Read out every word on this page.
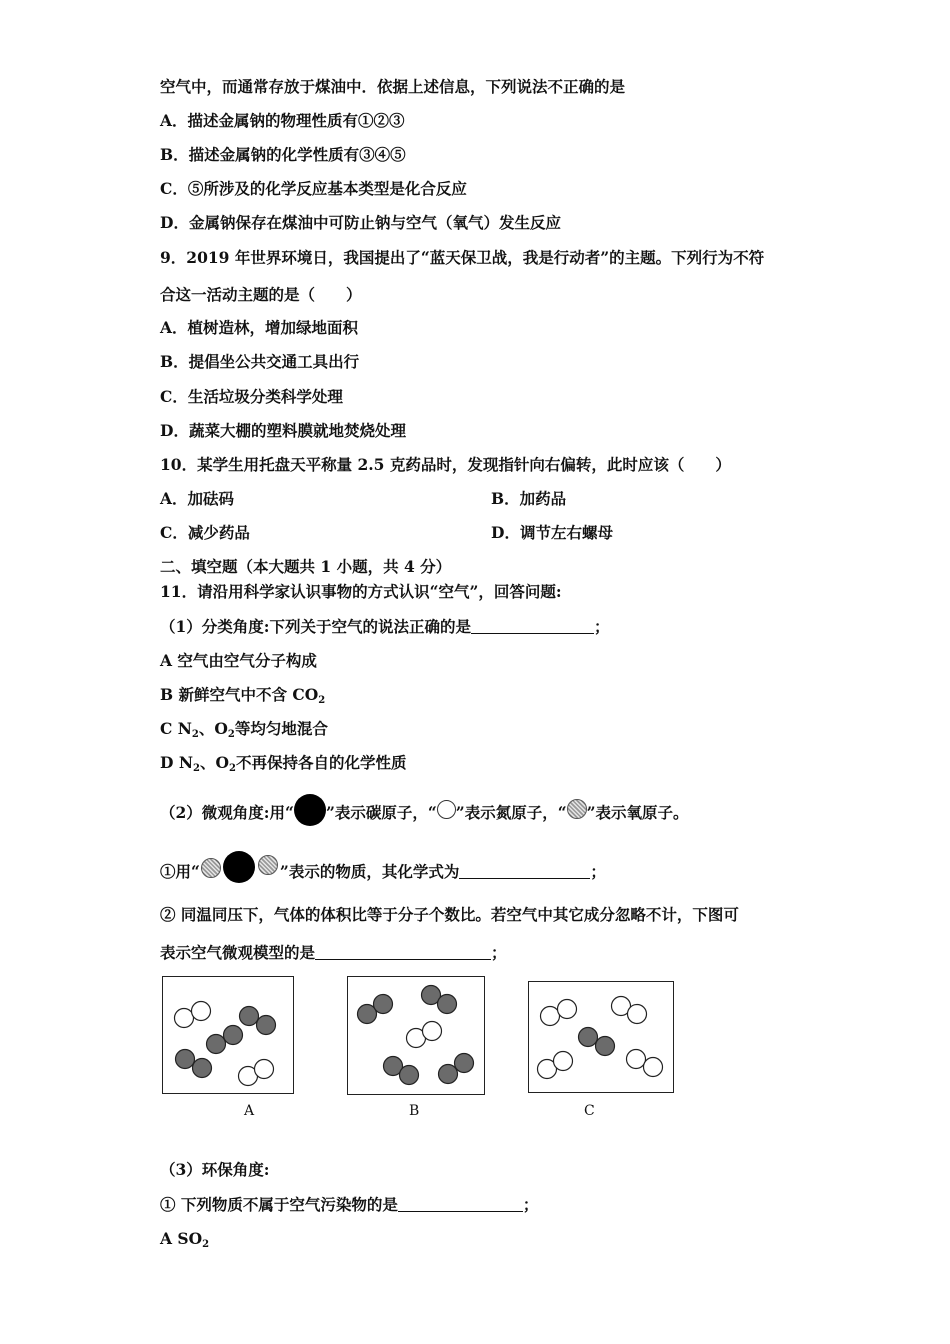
空气中，而通常存放于煤油中．依据上述信息，下列说法不正确的是
A．描述金属钠的物理性质有①②③
B．描述金属钠的化学性质有③④⑤
C．⑤所涉及的化学反应基本类型是化合反应
D．金属钠保存在煤油中可防止钠与空气（氧气）发生反应
9．2019 年世界环境日，我国提出了“蓝天保卫战，我是行动者”的主题。下列行为不符
合这一活动主题的是（　　）
A．植树造林，增加绿地面积
B．提倡坐公共交通工具出行
C．生活垃圾分类科学处理
D．蔬菜大棚的塑料膜就地焚烧处理
10．某学生用托盘天平称量 2.5 克药品时，发现指针向右偏转，此时应该（　　）
A．加砝码	B．加药品
C．减少药品	D．调节左右螺母
二、填空题（本大题共 1 小题，共 4 分）
11．请沿用科学家认识事物的方式认识“空气”，回答问题:
（1）分类角度:下列关于空气的说法正确的是	；
A 空气由空气分子构成
B 新鲜空气中不含 $CO_2$
C $N_2$、$O_2$等均匀地混合
D $N_2$、$O_2$不再保持各自的化学性质
（2）微观角度:用“ ”表示碳原子，“ ”表示氮原子，“ ”表示氧原子。
①用“	”表示的物质，其化学式为	；
② 同温同压下，气体的体积比等于分子个数比。若空气中其它成分忽略不计，下图可
表示空气微观模型的是	；
A	B	C
（3）环保角度:
① 下列物质不属于空气污染物的是	；
A $SO_2$
